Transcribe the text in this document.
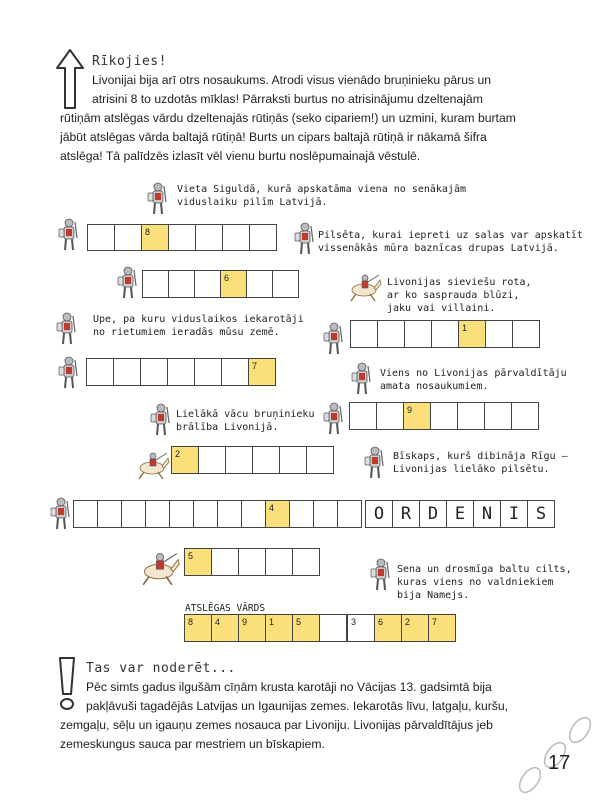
Rīkojies!
Livonijai bija arī otrs nosaukums. Atrodi visus vienādo bruņinieku pārus un
atrisini 8 to uzdotās mīklas! Pārraksti burtus no atrisinājumu dzeltenajām
rūtiņām atslēgas vārdu dzeltenajās rūtiņās (seko cipariem!) un uzmini, kuram burtam
jābūt atslēgas vārda baltajā rūtiņā! Burts un cipars baltajā rūtiņā ir nākamā šifra
atslēga! Tā palīdzēs izlasīt vēl vienu burtu noslēpumainajā vēstulē.
Vieta Siguldā, kurā apskatāma viena no senākajām
viduslaiku pilīm Latvijā.
8	Pilsēta, kurai iepreti uz salas var apskatīt
vissenākās mūra baznīcas drupas Latvijā.
6	Livonijas sieviešu rota,
ar ko sasprauda blūzi,
jaku vai villaini.
Upe, pa kuru viduslaikos iekarotāji
no rietumiem ieradās mūsu zemē.	1
7
Viens no Livonijas pārvaldītāju
amata nosaukumiem.
Lielākā vācu bruņinieku
brālība Livonijā.
9
2	Bīskaps, kurš dibināja Rīgu –
Livonijas lielāko pilsētu.
4	O R D E N I S
5
Sena un drosmīga baltu cilts,
kuras viens no valdniekiem
bija Namejs.
ATSLĒGAS VĀRDS
8 4 9 1 5	3 6 2 7
Tas var noderēt...
Pēc simts gadus ilgušām cīņām krusta karotāji no Vācijas 13. gadsimtā bija
pakļāvuši tagadējās Latvijas un Igaunijas zemes. Iekarotās līvu, latgaļu, kuršu,
zemgaļu, sēļu un igauņu zemes nosauca par Livoniju. Livonijas pārvaldītājus jeb
zemeskungus sauca par mestriem un bīskapiem.
17
